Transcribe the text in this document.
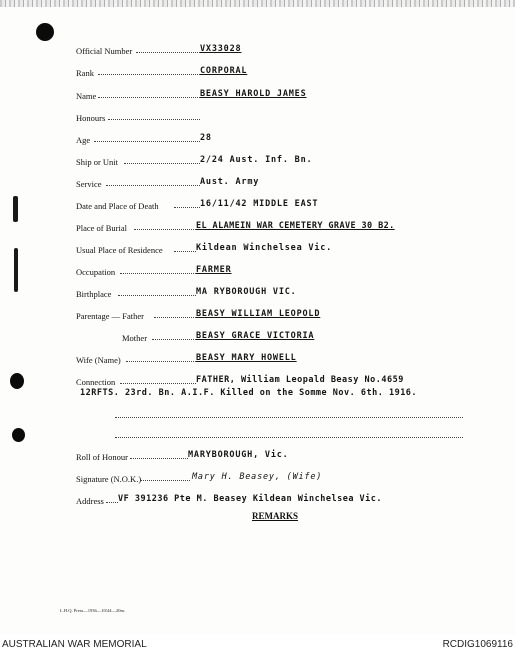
Official Number	VX33028
Rank	CORPORAL
Name	BEASY HAROLD JAMES
Honours
Age	28
Ship or Unit	2/24 Aust. Inf. Bn.
Service	Aust. Army
Date and Place of Death	16/11/42 MIDDLE EAST
Place of Burial	EL ALAMEIN WAR CEMETERY GRAVE 30 B2.
Usual Place of Residence	Kildean Winchelsea Vic.
Occupation	FARMER
Birthplace	MA RYBOROUGH VIC.
Parentage — Father	BEASY WILLIAM LEOPOLD
Mother	BEASY GRACE VICTORIA
Wife (Name)	BEASY MARY HOWELL
Connection	FATHER, William Leopald Beasy No.4659
12RFTS. 23rd. Bn. A.I.F. Killed on the Somme Nov. 6th. 1916.
Roll of Honour	MARYBOROUGH, Vic.
Signature (N.O.K.)	Mary H. Beasey, (Wife)
Address VF 391236 Pte M. Beasey Kildean Winchelsea Vic.
REMARKS
L.H.Q. Press—1936—10/44—20m.
AUSTRALIAN WAR MEMORIAL	RCDIG1069116
